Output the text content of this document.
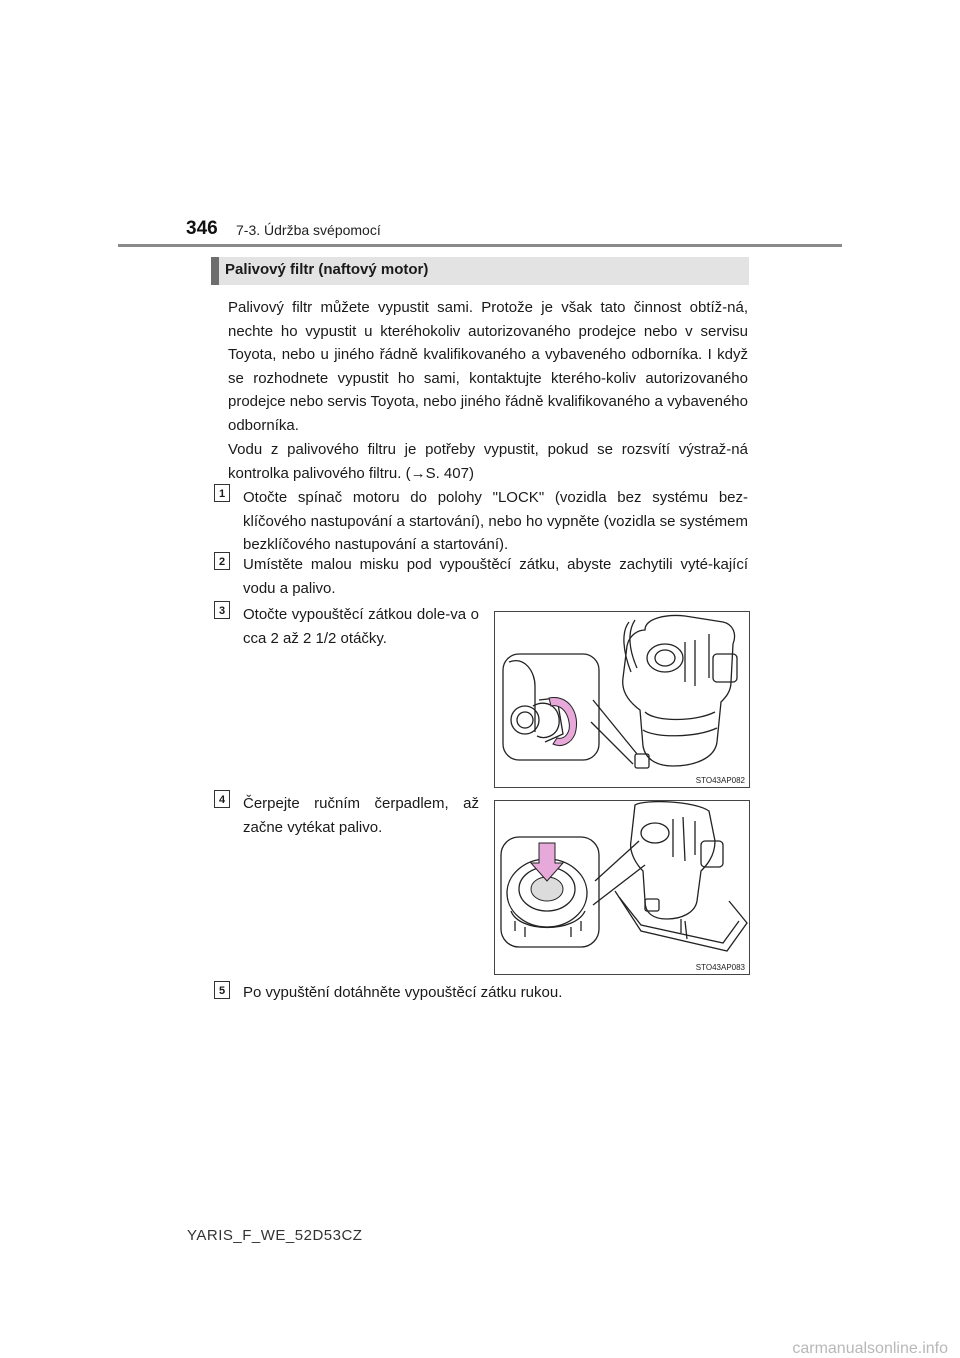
346 7-3. Údržba svépomocí
Palivový filtr (naftový motor)
Palivový filtr můžete vypustit sami. Protože je však tato činnost obtíž-ná, nechte ho vypustit u kteréhokoliv autorizovaného prodejce nebo v servisu Toyota, nebo u jiného řádně kvalifikovaného a vybaveného odborníka. I když se rozhodnete vypustit ho sami, kontaktujte kterého-koliv autorizovaného prodejce nebo servis Toyota, nebo jiného řádně kvalifikovaného a vybaveného odborníka.
Vodu z palivového filtru je potřeby vypustit, pokud se rozsvítí výstraž-ná kontrolka palivového filtru. (→S. 407)
1	Otočte spínač motoru do polohy "LOCK" (vozidla bez systému bez-klíčového nastupování a startování), nebo ho vypněte (vozidla se systémem bezklíčového nastupování a startování).
2	Umístěte malou misku pod vypouštěcí zátku, abyste zachytili vyté-kající vodu a palivo.
3	Otočte vypouštěcí zátkou dole-va o cca 2 až 2 1/2 otáčky.
STO43AP082
4	Čerpejte ručním čerpadlem, až začne vytékat palivo.
STO43AP083
5	Po vypuštění dotáhněte vypouštěcí zátku rukou.
YARIS_F_WE_52D53CZ
carmanualsonline.info
